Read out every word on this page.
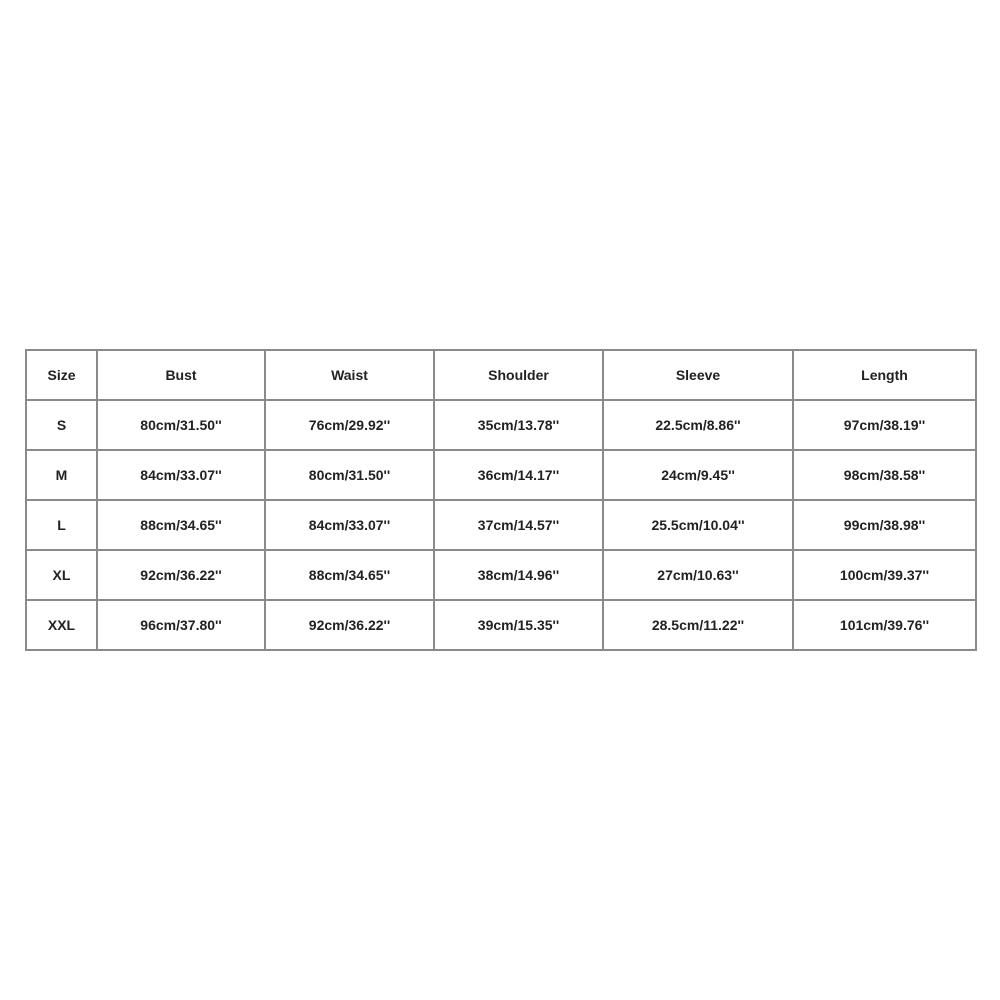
Size	Bust	Waist	Shoulder	Sleeve	Length
S	80cm/31.50''	76cm/29.92''	35cm/13.78''	22.5cm/8.86''	97cm/38.19''
M	84cm/33.07''	80cm/31.50''	36cm/14.17''	24cm/9.45''	98cm/38.58''
L	88cm/34.65''	84cm/33.07''	37cm/14.57''	25.5cm/10.04''	99cm/38.98''
XL	92cm/36.22''	88cm/34.65''	38cm/14.96''	27cm/10.63''	100cm/39.37''
XXL	96cm/37.80''	92cm/36.22''	39cm/15.35''	28.5cm/11.22''	101cm/39.76''
